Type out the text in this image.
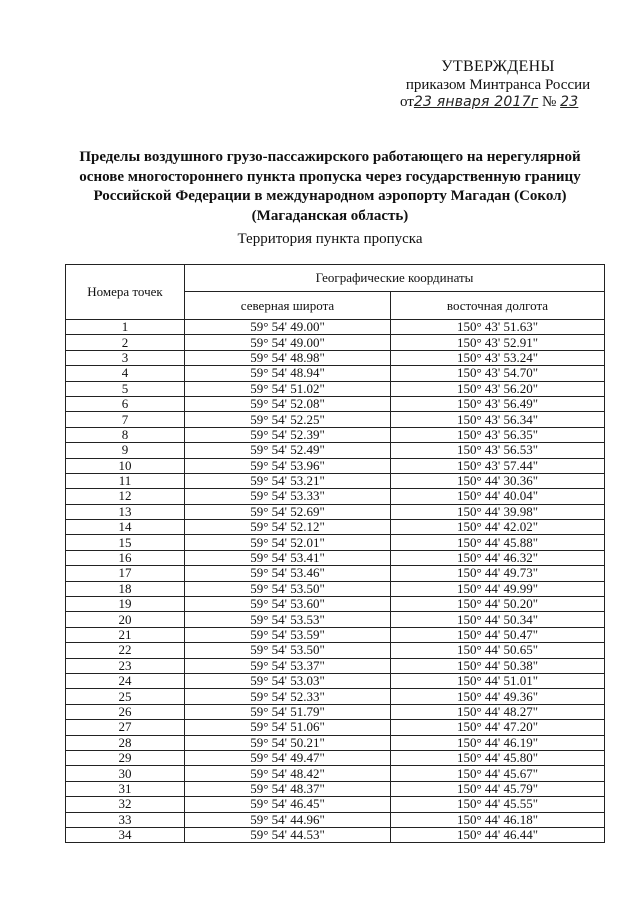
УТВЕРЖДЕНЫ
приказом Минтранса России
от23 января 2017г № 23
Пределы воздушного грузо-пассажирского работающего на нерегулярной основе многостороннего пункта пропуска через государственную границу Российской Федерации в международном аэропорту Магадан (Сокол) (Магаданская область)
Территория пункта пропуска
Номера точек	Географические координаты	
	северная широта	восточная долгота
1	59° 54' 49.00"	150° 43' 51.63"
2	59° 54' 49.00"	150° 43' 52.91"
3	59° 54' 48.98"	150° 43' 53.24"
4	59° 54' 48.94"	150° 43' 54.70"
5	59° 54' 51.02"	150° 43' 56.20"
6	59° 54' 52.08"	150° 43' 56.49"
7	59° 54' 52.25"	150° 43' 56.34"
8	59° 54' 52.39"	150° 43' 56.35"
9	59° 54' 52.49"	150° 43' 56.53"
10	59° 54' 53.96"	150° 43' 57.44"
11	59° 54' 53.21"	150° 44' 30.36"
12	59° 54' 53.33"	150° 44' 40.04"
13	59° 54' 52.69"	150° 44' 39.98"
14	59° 54' 52.12"	150° 44' 42.02"
15	59° 54' 52.01"	150° 44' 45.88"
16	59° 54' 53.41"	150° 44' 46.32"
17	59° 54' 53.46"	150° 44' 49.73"
18	59° 54' 53.50"	150° 44' 49.99"
19	59° 54' 53.60"	150° 44' 50.20"
20	59° 54' 53.53"	150° 44' 50.34"
21	59° 54' 53.59"	150° 44' 50.47"
22	59° 54' 53.50"	150° 44' 50.65"
23	59° 54' 53.37"	150° 44' 50.38"
24	59° 54' 53.03"	150° 44' 51.01"
25	59° 54' 52.33"	150° 44' 49.36"
26	59° 54' 51.79"	150° 44' 48.27"
27	59° 54' 51.06"	150° 44' 47.20"
28	59° 54' 50.21"	150° 44' 46.19"
29	59° 54' 49.47"	150° 44' 45.80"
30	59° 54' 48.42"	150° 44' 45.67"
31	59° 54' 48.37"	150° 44' 45.79"
32	59° 54' 46.45"	150° 44' 45.55"
33	59° 54' 44.96"	150° 44' 46.18"
34	59° 54' 44.53"	150° 44' 46.44"
